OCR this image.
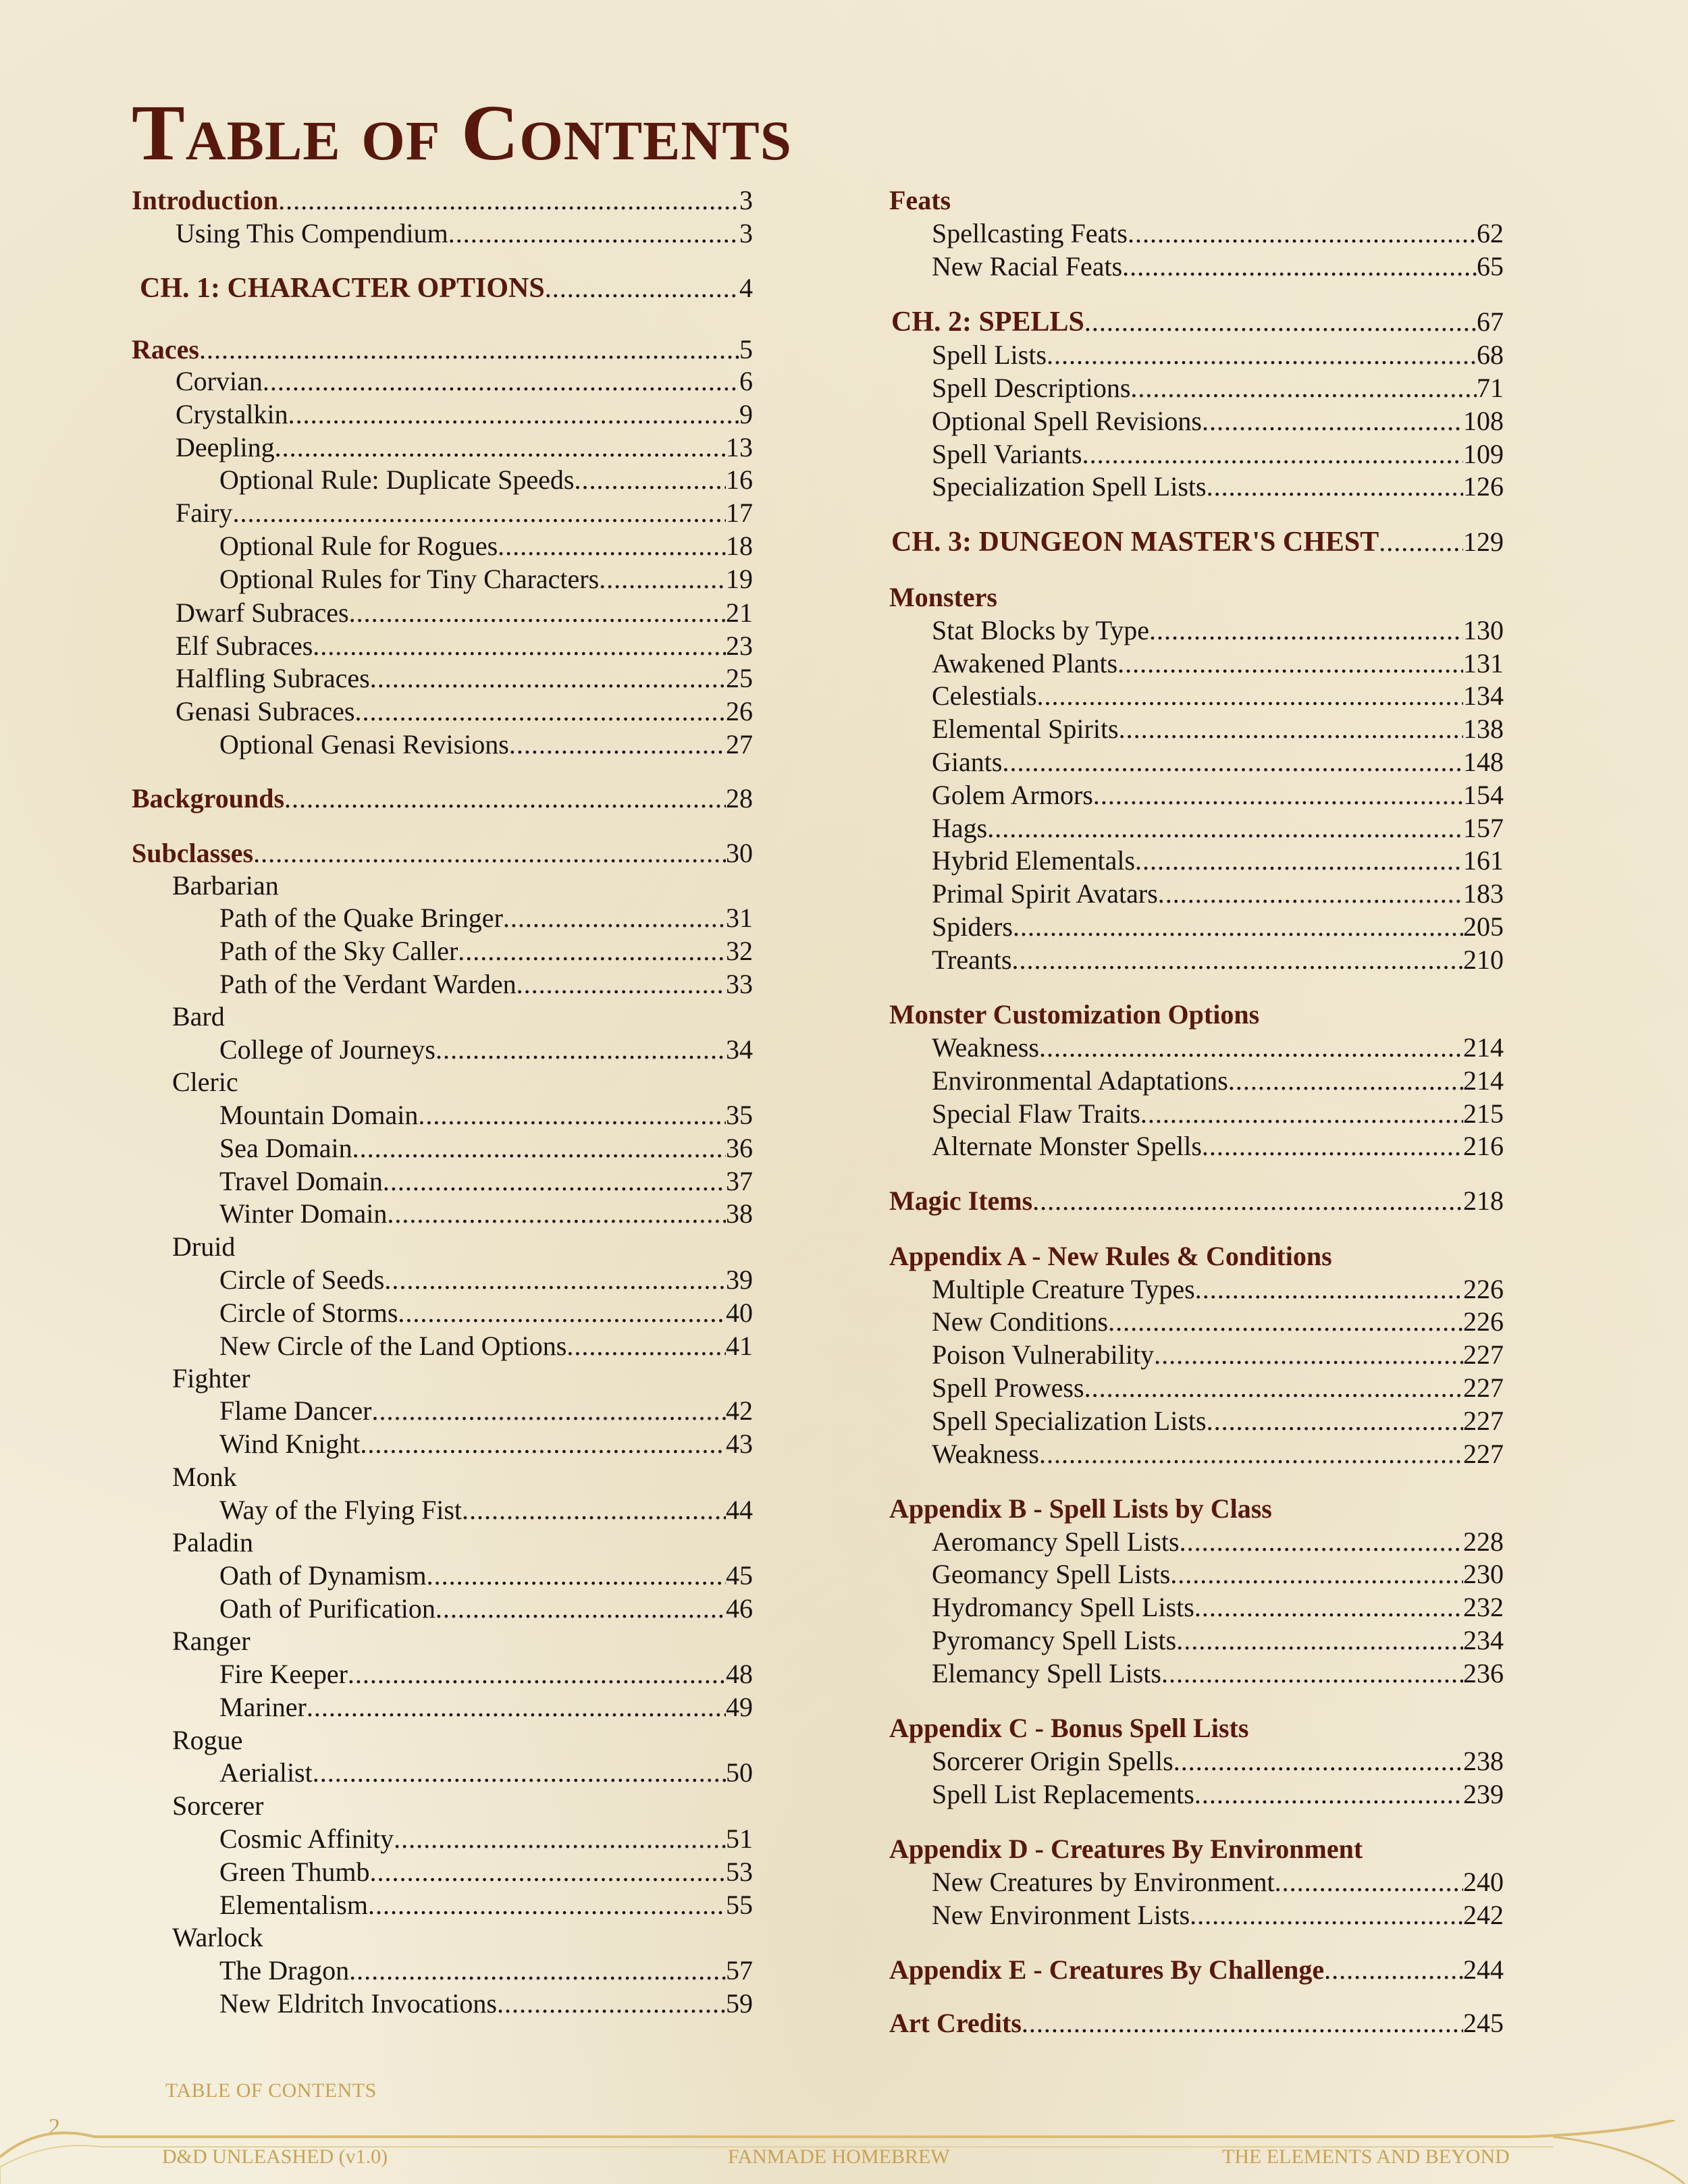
Table of Contents
Introduction .....	3
Using This Compendium .....	3
CH. 1: CHARACTER OPTIONS .....	4
Races .....	5
Corvian .....	6
Crystalkin .....	9
Deepling .....	13
Optional Rule: Duplicate Speeds .....	16
Fairy .....	17
Optional Rule for Rogues .....	18
Optional Rules for Tiny Characters .....	19
Dwarf Subraces .....	21
Elf Subraces .....	23
Halfling Subraces .....	25
Genasi Subraces .....	26
Optional Genasi Revisions .....	27
Backgrounds .....	28
Subclasses .....	30
Barbarian
Path of the Quake Bringer .....	31
Path of the Sky Caller .....	32
Path of the Verdant Warden .....	33
Bard
College of Journeys .....	34
Cleric
Mountain Domain .....	35
Sea Domain .....	36
Travel Domain .....	37
Winter Domain .....	38
Druid
Circle of Seeds .....	39
Circle of Storms .....	40
New Circle of the Land Options .....	41
Fighter
Flame Dancer .....	42
Wind Knight .....	43
Monk
Way of the Flying Fist .....	44
Paladin
Oath of Dynamism .....	45
Oath of Purification .....	46
Ranger
Fire Keeper .....	48
Mariner .....	49
Rogue
Aerialist .....	50
Sorcerer
Cosmic Affinity .....	51
Green Thumb .....	53
Elementalism .....	55
Warlock
The Dragon .....	57
New Eldritch Invocations .....	59
Feats
Spellcasting Feats .....	62
New Racial Feats .....	65
CH. 2: SPELLS .....	67
Spell Lists .....	68
Spell Descriptions .....	71
Optional Spell Revisions .....	108
Spell Variants .....	109
Specialization Spell Lists .....	126
CH. 3: DUNGEON MASTER'S CHEST .....	129
Monsters
Stat Blocks by Type .....	130
Awakened Plants .....	131
Celestials .....	134
Elemental Spirits .....	138
Giants .....	148
Golem Armors .....	154
Hags .....	157
Hybrid Elementals .....	161
Primal Spirit Avatars .....	183
Spiders .....	205
Treants .....	210
Monster Customization Options
Weakness .....	214
Environmental Adaptations .....	214
Special Flaw Traits .....	215
Alternate Monster Spells .....	216
Magic Items .....	218
Appendix A - New Rules & Conditions
Multiple Creature Types .....	226
New Conditions .....	226
Poison Vulnerability .....	227
Spell Prowess .....	227
Spell Specialization Lists .....	227
Weakness .....	227
Appendix B - Spell Lists by Class
Aeromancy Spell Lists .....	228
Geomancy Spell Lists .....	230
Hydromancy Spell Lists .....	232
Pyromancy Spell Lists .....	234
Elemancy Spell Lists .....	236
Appendix C - Bonus Spell Lists
Sorcerer Origin Spells .....	238
Spell List Replacements .....	239
Appendix D - Creatures By Environment
New Creatures by Environment .....	240
New Environment Lists .....	242
Appendix E - Creatures By Challenge .....	244
Art Credits .....	245
TABLE OF CONTENTS
2
D&D UNLEASHED (v1.0)	FANMADE HOMEBREW	THE ELEMENTS AND BEYOND
